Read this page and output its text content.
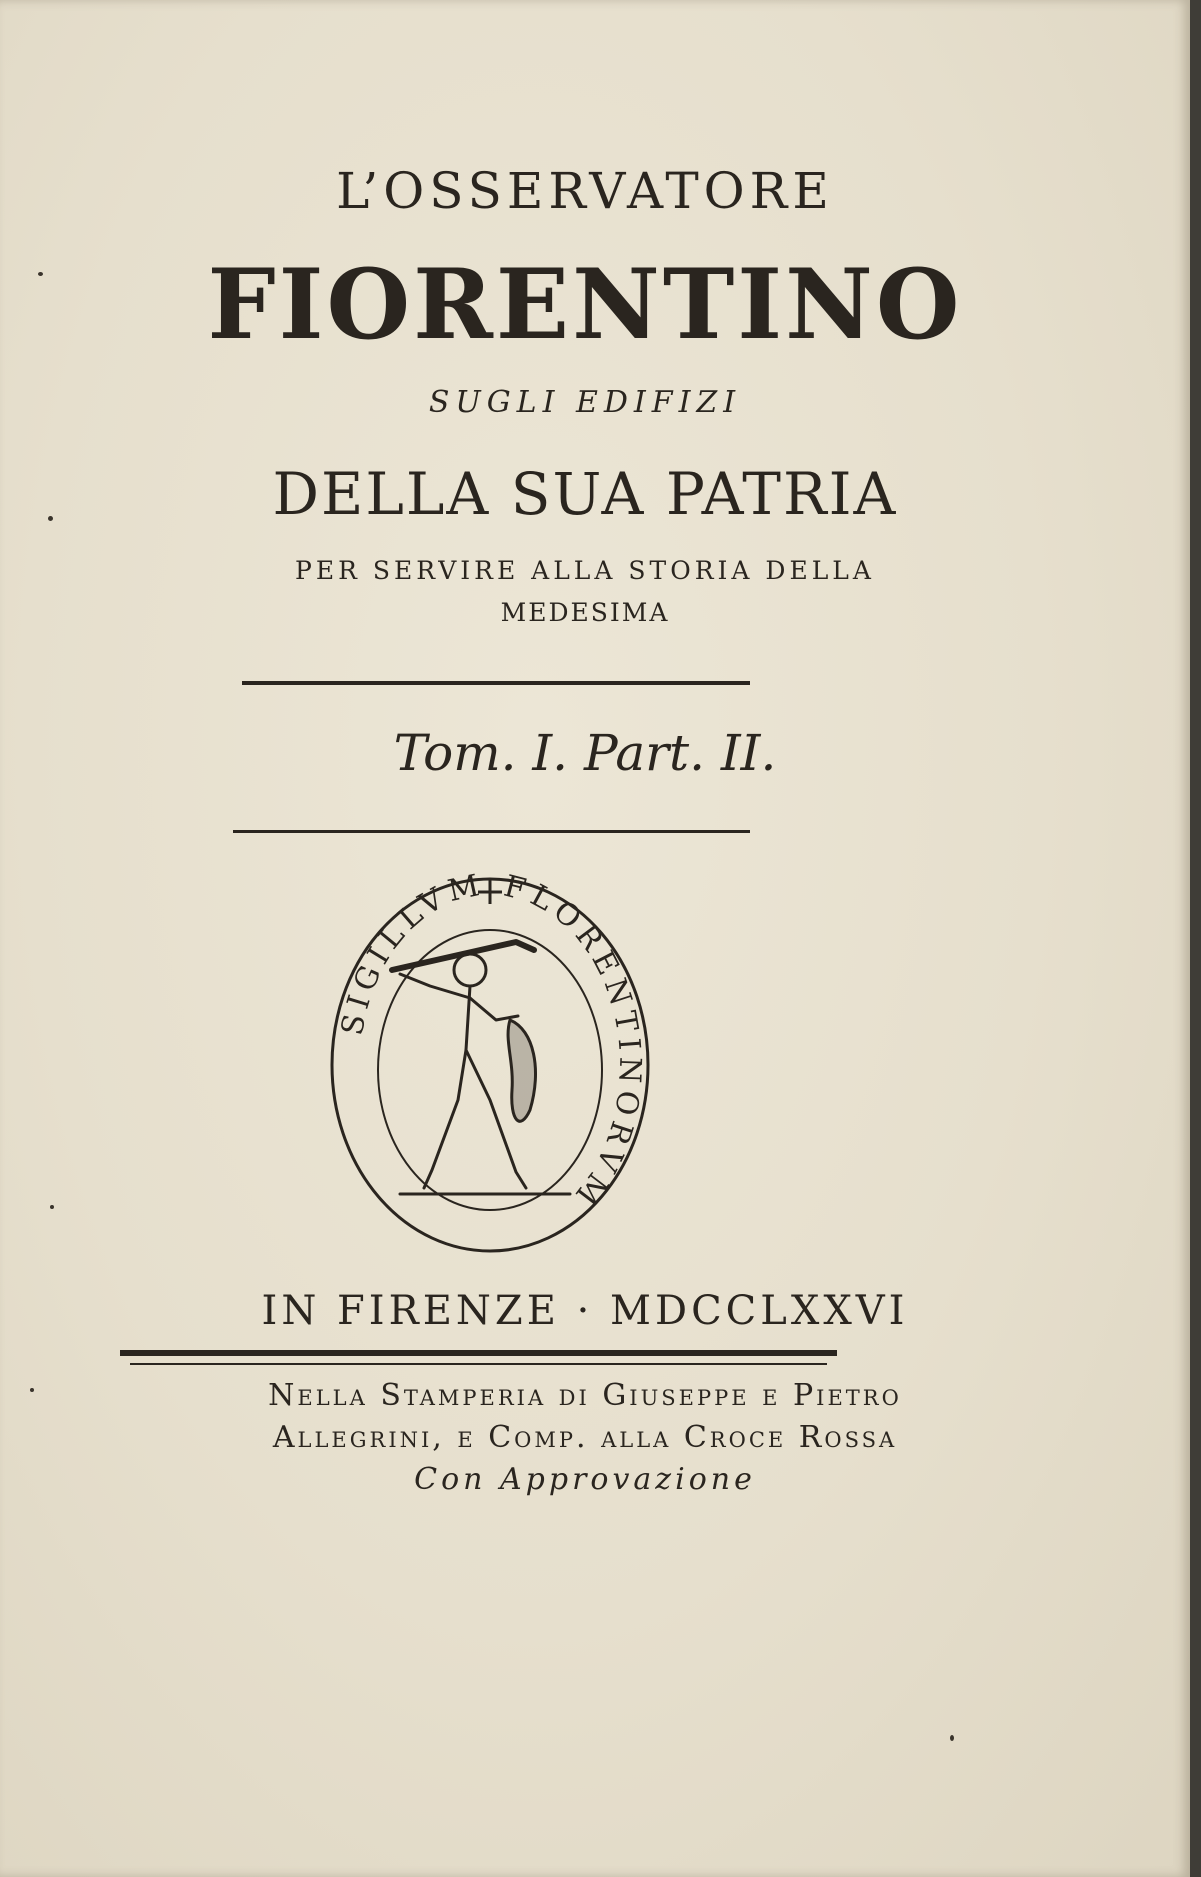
L’OSSERVATORE

FIORENTINO

SUGLI EDIFIZI

DELLA SUA PATRIA

PER SERVIRE ALLA STORIA DELLA

MEDESIMA

Tom. I. Part. II.

SIGILLVM FLORENTINORVM

IN FIRENZE · MDCCLXXVI

Nella Stamperia di Giuseppe e Pietro

Allegrini, e Comp. alla Croce Rossa

Con Approvazione
